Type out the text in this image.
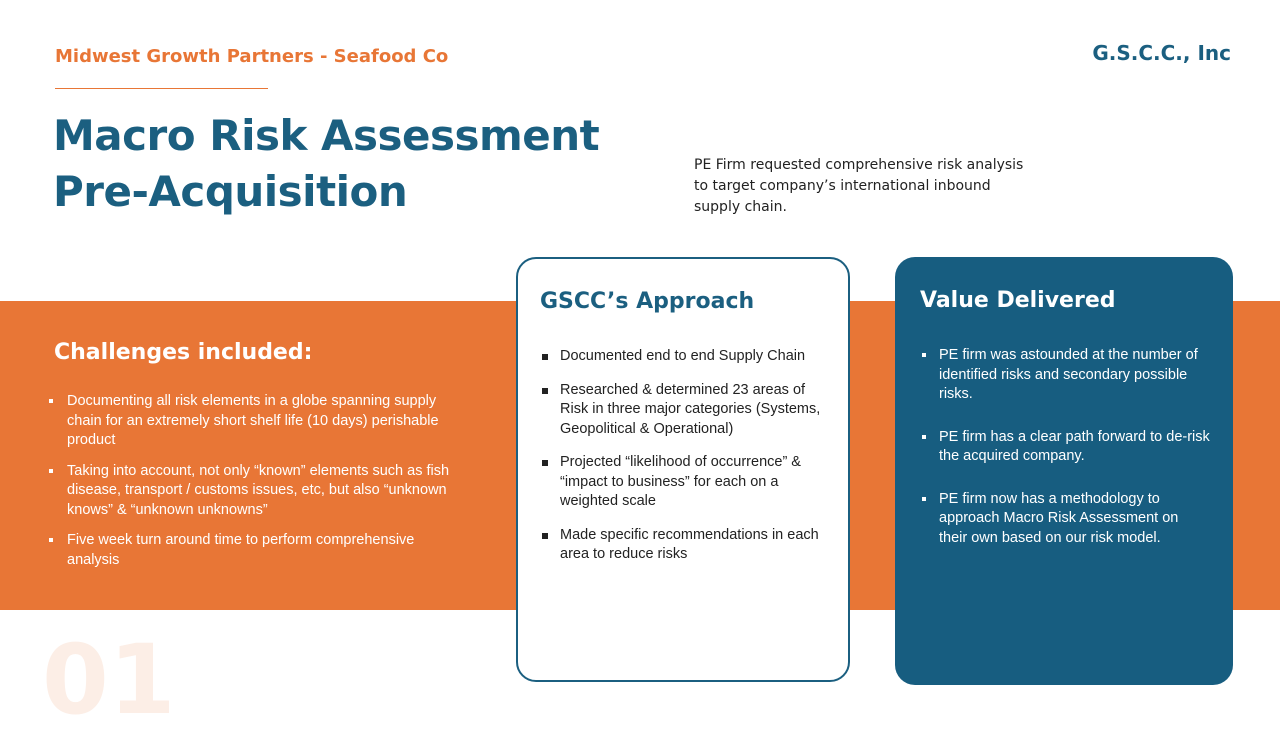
Midwest Growth Partners - Seafood Co	G.S.C.C., Inc
Macro Risk Assessment
Pre-Acquisition
PE Firm requested comprehensive risk analysis to target company’s international inbound supply chain.
Challenges included:
Documenting all risk elements in a globe spanning supply chain for an extremely short shelf life (10 days) perishable product
Taking into account, not only “known” elements such as fish disease, transport / customs issues, etc, but also “unknown knows” & “unknown unknowns”
Five week turn around time to perform comprehensive analysis
GSCC’s Approach
Documented end to end Supply Chain
Researched & determined 23 areas of Risk in three major categories (Systems, Geopolitical & Operational)
Projected “likelihood of occurrence” & “impact to business” for each on a weighted scale
Made specific recommendations in each area to reduce risks
Value Delivered
PE firm was astounded at the number of identified risks and secondary possible risks.
PE firm has a clear path forward to de-risk the acquired company.
PE firm now has a methodology to approach Macro Risk Assessment on their own based on our risk model.
01
